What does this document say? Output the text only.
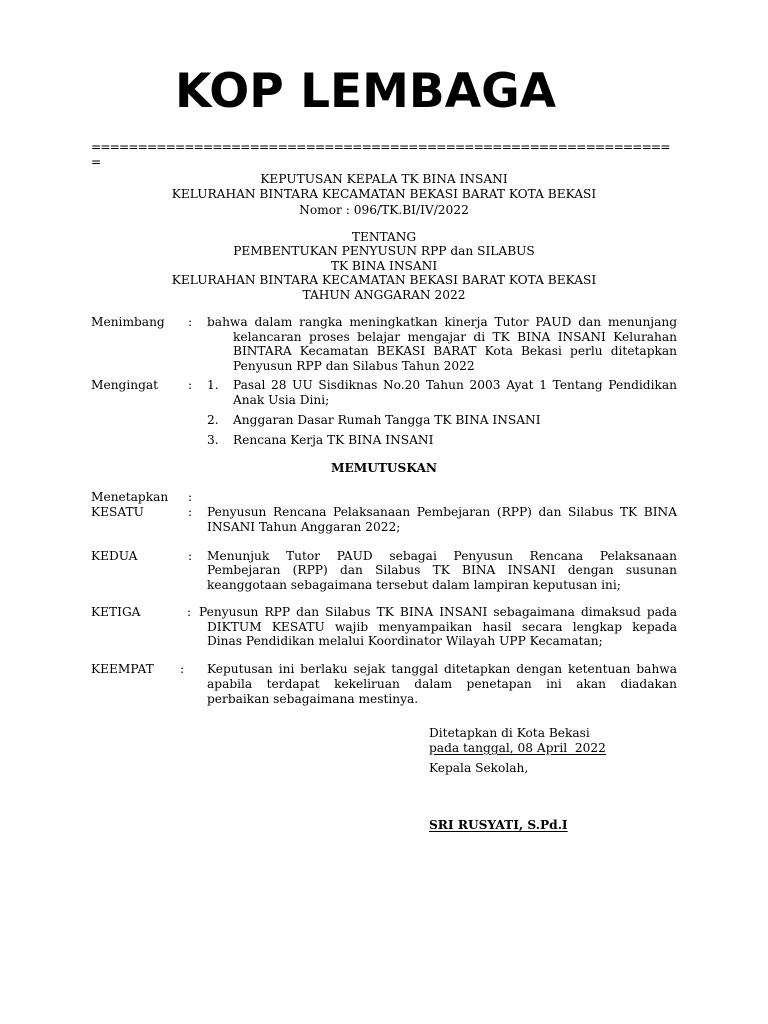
KOP LEMBAGA
==============================================================
=
KEPUTUSAN KEPALA TK BINA INSANI
KELURAHAN BINTARA KECAMATAN BEKASI BARAT KOTA BEKASI
Nomor : 096/TK.BI/IV/2022
TENTANG
PEMBENTUKAN PENYUSUN RPP dan SILABUS
TK BINA INSANI
KELURAHAN BINTARA KECAMATAN BEKASI BARAT KOTA BEKASI
TAHUN ANGGARAN 2022
Menimbang : bahwa dalam rangka meningkatkan kinerja Tutor PAUD dan menunjang
kelancaran proses belajar mengajar di TK BINA INSANI Kelurahan
BINTARA Kecamatan BEKASI BARAT Kota Bekasi perlu ditetapkan
Penyusun RPP dan Silabus Tahun 2022
Mengingat : 1. Pasal 28 UU Sisdiknas No.20 Tahun 2003 Ayat 1 Tentang Pendidikan
Anak Usia Dini;
2. Anggaran Dasar Rumah Tangga TK BINA INSANI
3. Rencana Kerja TK BINA INSANI
MEMUTUSKAN
Menetapkan :
KESATU	: Penyusun Rencana Pelaksanaan Pembejaran (RPP) dan Silabus TK BINA
INSANI Tahun Anggaran 2022;
KEDUA	: Menunjuk Tutor PAUD sebagai Penyusun Rencana Pelaksanaan
Pembejaran (RPP) dan Silabus TK BINA INSANI dengan susunan
keanggotaan sebagaimana tersebut dalam lampiran keputusan ini;
KETIGA	: Penyusun RPP dan Silabus TK BINA INSANI sebagaimana dimaksud pada
DIKTUM KESATU wajib menyampaikan hasil secara lengkap kepada
Dinas Pendidikan melalui Koordinator Wilayah UPP Kecamatan;
KEEMPAT : Keputusan ini berlaku sejak tanggal ditetapkan dengan ketentuan bahwa
apabila terdapat kekeliruan dalam penetapan ini akan diadakan
perbaikan sebagaimana mestinya.
Ditetapkan di Kota Bekasi
pada tanggal, 08 April  2022
Kepala Sekolah,
SRI RUSYATI, S.Pd.I
